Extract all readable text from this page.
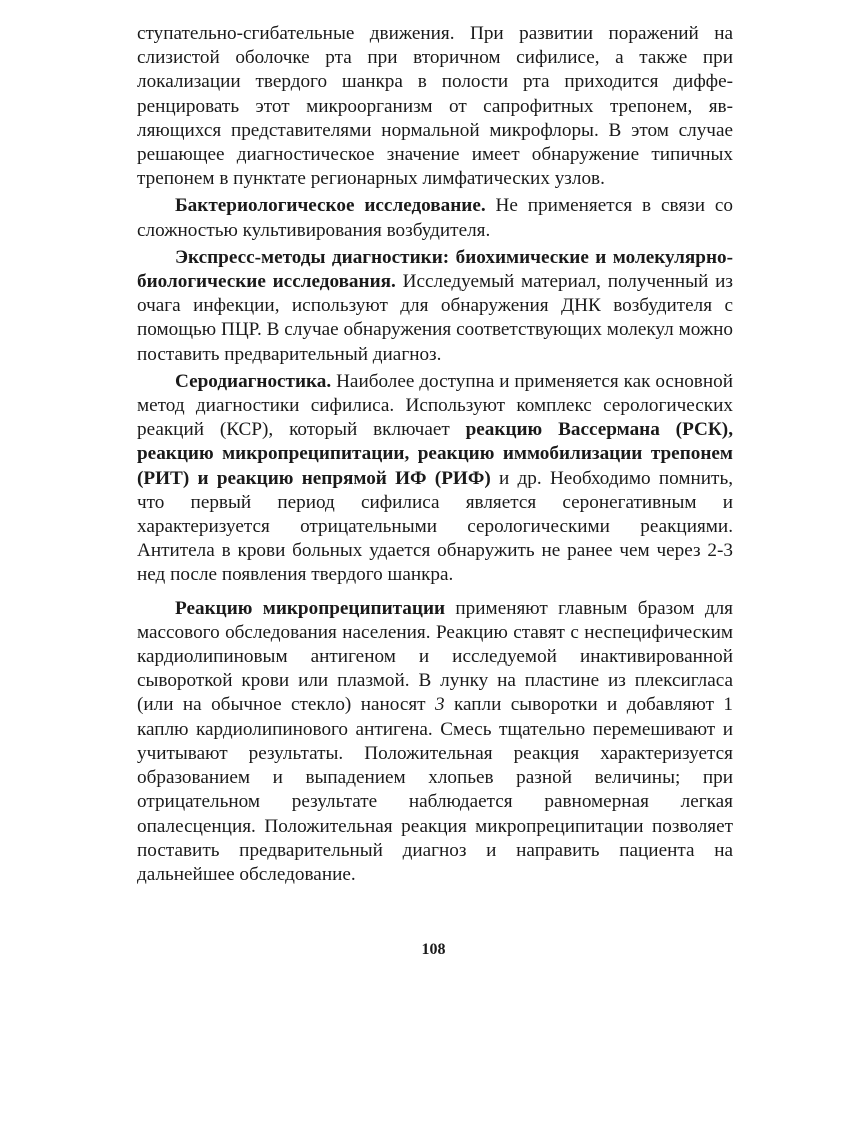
ступательно-сгибательные движения. При развитии поражений на слизистой оболочке рта при вторичном сифилисе, а также при локализации твердого шанкра в полости рта приходится дифференцировать этот микроорганизм от сапрофитных трепонем, являющихся представителями нормальной микрофлоры. В этом случае решающее диагностическое значение имеет обнаружение типичных трепонем в пунктате регионарных лимфатических узлов.

Бактериологическое исследование. Не применяется в связи со сложностью культивирования возбудителя.

Экспресс-методы диагностики: биохимические и молекулярно-биологические исследования. Исследуемый материал, полученный из очага инфекции, используют для обнаружения ДНК возбудителя с помощью ПЦР. В случае обнаружения соответствующих молекул можно поставить предварительный диагноз.

Серодиагностика. Наиболее доступна и применяется как основной метод диагностики сифилиса. Используют комплекс серологических реакций (КСР), который включает реакцию Вассермана (РСК), реакцию микропреципитации, реакцию иммобилизации трепонем (РИТ) и реакцию непрямой ИФ (РИФ) и др. Необходимо помнить, что первый период сифилиса является серонегативным и характеризуется отрицательными серологическими реакциями. Антитела в крови больных удается обнаружить не ранее чем через 2-3 нед после появления твердого шанкра.

Реакцию микропреципитации применяют главным бразом для массового обследования населения. Реакцию ставят с неспецифическим кардиолипиновым антигеном и исследуемой инактивированной сывороткой крови или плазмой. В лунку на пластине из плексигласа (или на обычное стекло) наносят 3 капли сыворотки и добавляют 1 каплю кардиолипинового антигена. Смесь тщательно перемешивают и учитывают результаты. Положительная реакция характеризуется образованием и выпадением хлопьев разной величины; при отрицательном результате наблюдается равномерная легкая опалесценция. Положительная реакция микропреципитации позволяет поставить предварительный диагноз и направить пациента на дальнейшее обследование.

108
